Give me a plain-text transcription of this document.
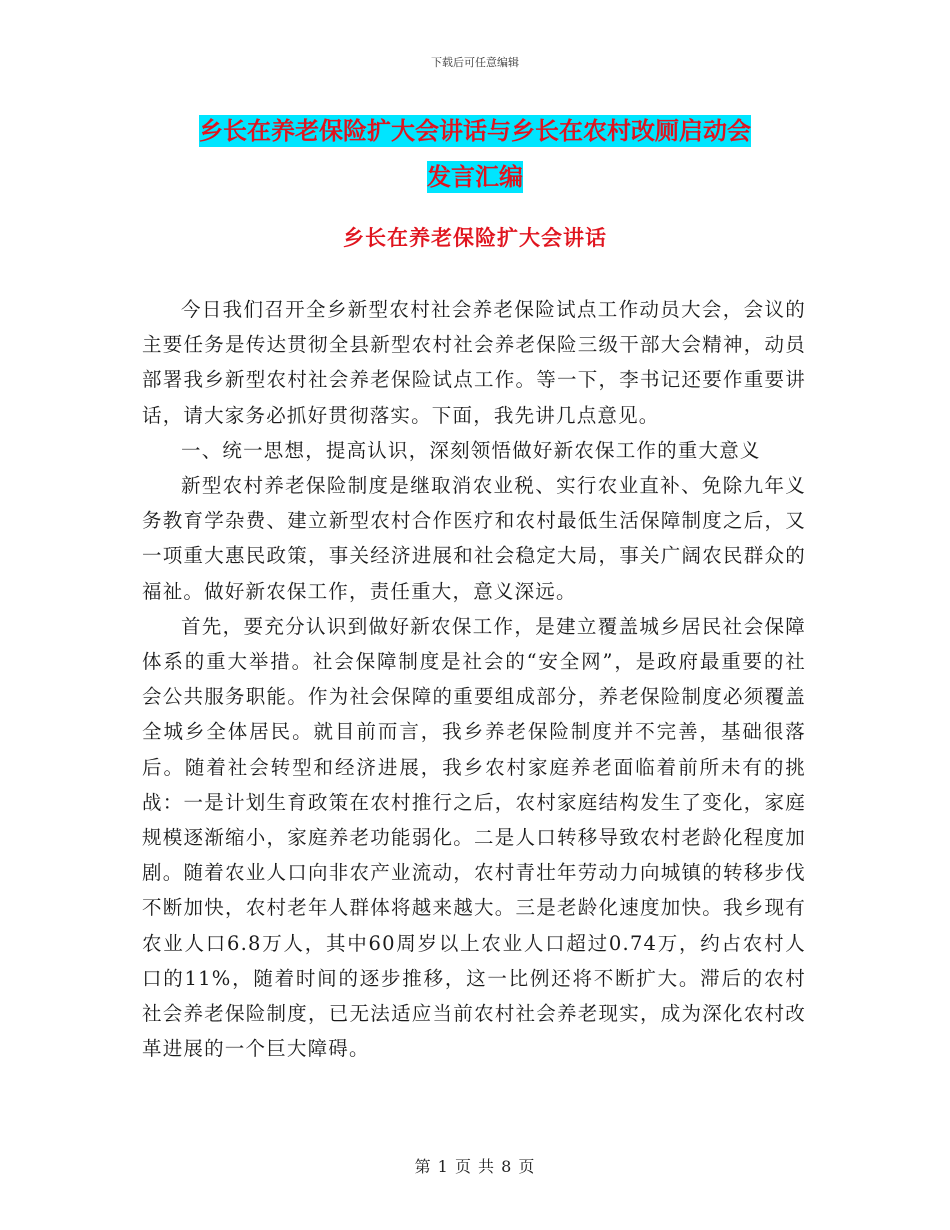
下载后可任意编辑
乡长在养老保险扩大会讲话与乡长在农村改厕启动会
发言汇编
乡长在养老保险扩大会讲话

今日我们召开全乡新型农村社会养老保险试点工作动员大会，会议的主要任务是传达贯彻全县新型农村社会养老保险三级干部大会精神，动员部署我乡新型农村社会养老保险试点工作。等一下，李书记还要作重要讲话，请大家务必抓好贯彻落实。下面，我先讲几点意见。

一、统一思想，提高认识，深刻领悟做好新农保工作的重大意义

新型农村养老保险制度是继取消农业税、实行农业直补、免除九年义务教育学杂费、建立新型农村合作医疗和农村最低生活保障制度之后，又一项重大惠民政策，事关经济进展和社会稳定大局，事关广阔农民群众的福祉。做好新农保工作，责任重大，意义深远。

首先，要充分认识到做好新农保工作，是建立覆盖城乡居民社会保障体系的重大举措。社会保障制度是社会的“安全网”，是政府最重要的社会公共服务职能。作为社会保障的重要组成部分，养老保险制度必须覆盖全城乡全体居民。就目前而言，我乡养老保险制度并不完善，基础很落后。随着社会转型和经济进展，我乡农村家庭养老面临着前所未有的挑战：一是计划生育政策在农村推行之后，农村家庭结构发生了变化，家庭规模逐渐缩小，家庭养老功能弱化。二是人口转移导致农村老龄化程度加剧。随着农业人口向非农产业流动，农村青壮年劳动力向城镇的转移步伐不断加快，农村老年人群体将越来越大。三是老龄化速度加快。我乡现有农业人口6.8万人，其中60周岁以上农业人口超过0.74万，约占农村人口的11%，随着时间的逐步推移，这一比例还将不断扩大。滞后的农村社会养老保险制度，已无法适应当前农村社会养老现实，成为深化农村改革进展的一个巨大障碍。

第 1 页 共 8 页
